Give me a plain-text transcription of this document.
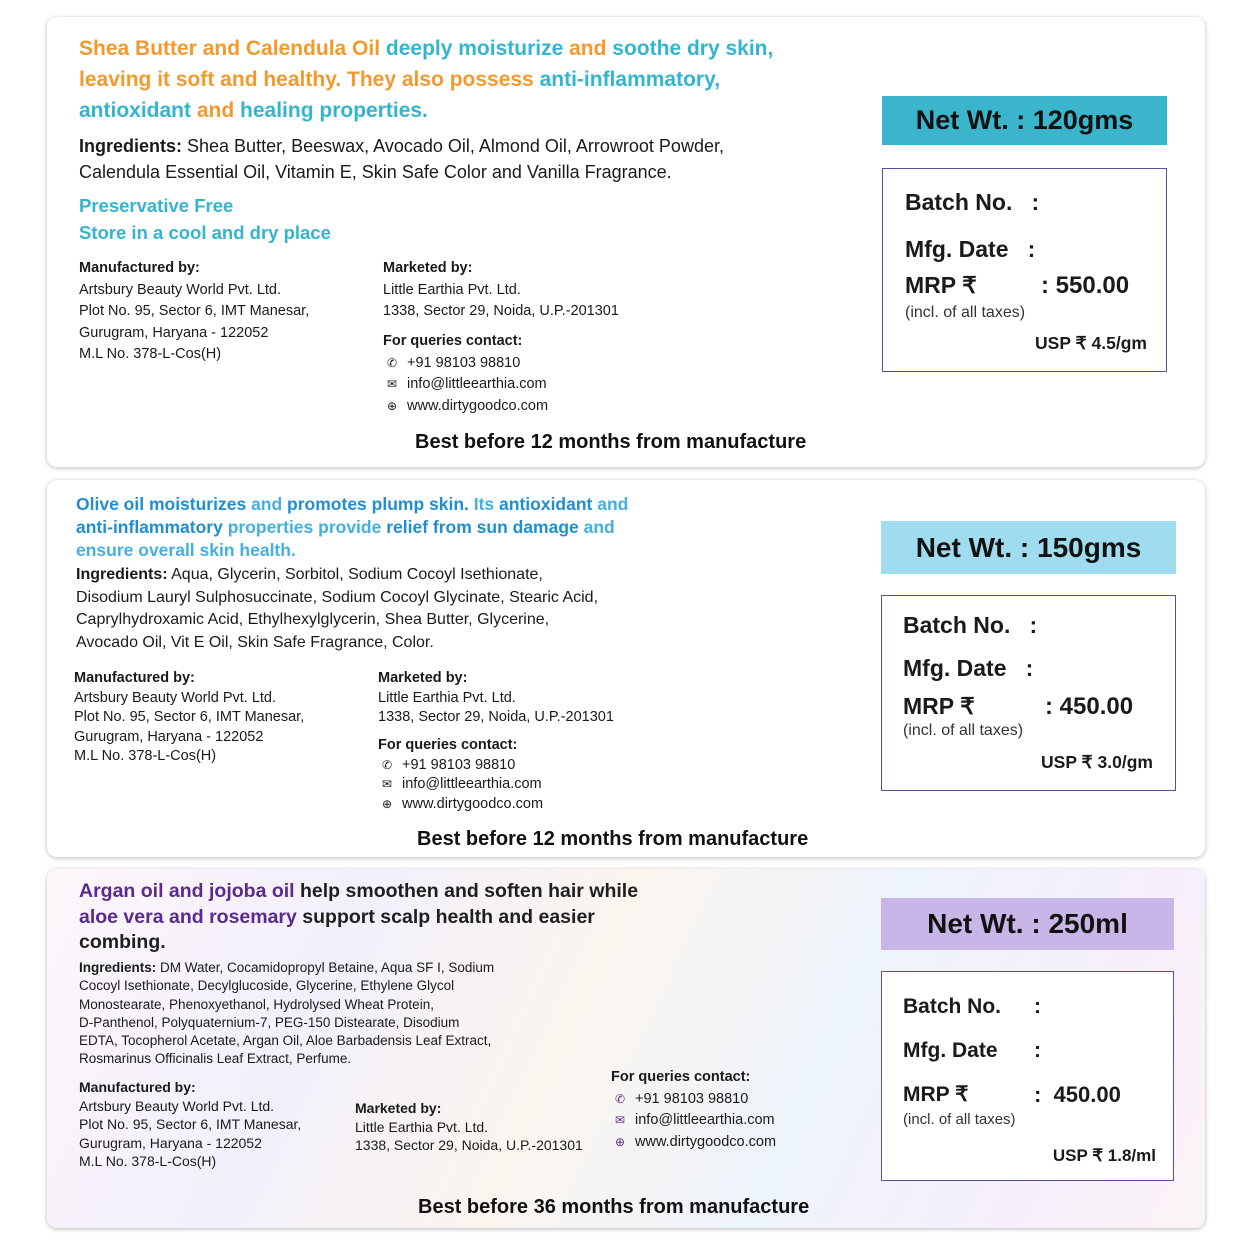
Shea Butter and Calendula Oil deeply moisturize and soothe dry skin,
leaving it soft and healthy. They also possess anti-inflammatory,
antioxidant and healing properties.
Ingredients: Shea Butter, Beeswax, Avocado Oil, Almond Oil, Arrowroot Powder,
Calendula Essential Oil, Vitamin E, Skin Safe Color and Vanilla Fragrance.
Preservative Free
Store in a cool and dry place
Manufactured by:
Artsbury Beauty World Pvt. Ltd.
Plot No. 95, Sector 6, IMT Manesar,
Gurugram, Haryana - 122052
M.L No. 378-L-Cos(H)
Marketed by:
Little Earthia Pvt. Ltd.
1338, Sector 29, Noida, U.P.-201301
For queries contact:
✆ +91 98103 98810
✉ info@littleearthia.com
⊕ www.dirtygoodco.com
Best before 12 months from manufacture
Net Wt. : 120gms
Batch No.   :
Mfg. Date   :
MRP ₹	: 550.00
(incl. of all taxes)
USP ₹ 4.5/gm
Olive oil moisturizes and promotes plump skin. Its antioxidant and
anti-inflammatory properties provide relief from sun damage and
ensure overall skin health.
Ingredients: Aqua, Glycerin, Sorbitol, Sodium Cocoyl Isethionate,
Disodium Lauryl Sulphosuccinate, Sodium Cocoyl Glycinate, Stearic Acid,
Caprylhydroxamic Acid, Ethylhexylglycerin, Shea Butter, Glycerine,
Avocado Oil, Vit E Oil, Skin Safe Fragrance, Color.
Manufactured by:
Artsbury Beauty World Pvt. Ltd.
Plot No. 95, Sector 6, IMT Manesar,
Gurugram, Haryana - 122052
M.L No. 378-L-Cos(H)
Marketed by:
Little Earthia Pvt. Ltd.
1338, Sector 29, Noida, U.P.-201301
For queries contact:
✆ +91 98103 98810
✉ info@littleearthia.com
⊕ www.dirtygoodco.com
Best before 12 months from manufacture
Net Wt. : 150gms
Batch No.   :
Mfg. Date   :
MRP ₹	: 450.00
(incl. of all taxes)
USP ₹ 3.0/gm
Argan oil and jojoba oil help smoothen and soften hair while
aloe vera and rosemary support scalp health and easier
combing.
Ingredients: DM Water, Cocamidopropyl Betaine, Aqua SF I, Sodium
Cocoyl Isethionate, Decylglucoside, Glycerine, Ethylene Glycol
Monostearate, Phenoxyethanol, Hydrolysed Wheat Protein,
D-Panthenol, Polyquaternium-7, PEG-150 Distearate, Disodium
EDTA, Tocopherol Acetate, Argan Oil, Aloe Barbadensis Leaf Extract,
Rosmarinus Officinalis Leaf Extract, Perfume.
Manufactured by:
Artsbury Beauty World Pvt. Ltd.
Plot No. 95, Sector 6, IMT Manesar,
Gurugram, Haryana - 122052
M.L No. 378-L-Cos(H)
Marketed by:
Little Earthia Pvt. Ltd.
1338, Sector 29, Noida, U.P.-201301
For queries contact:
✆ +91 98103 98810
✉ info@littleearthia.com
⊕ www.dirtygoodco.com
Best before 36 months from manufacture
Net Wt. : 250ml
Batch No. :
Mfg. Date :
MRP ₹	:  450.00
(incl. of all taxes)
USP ₹ 1.8/ml
